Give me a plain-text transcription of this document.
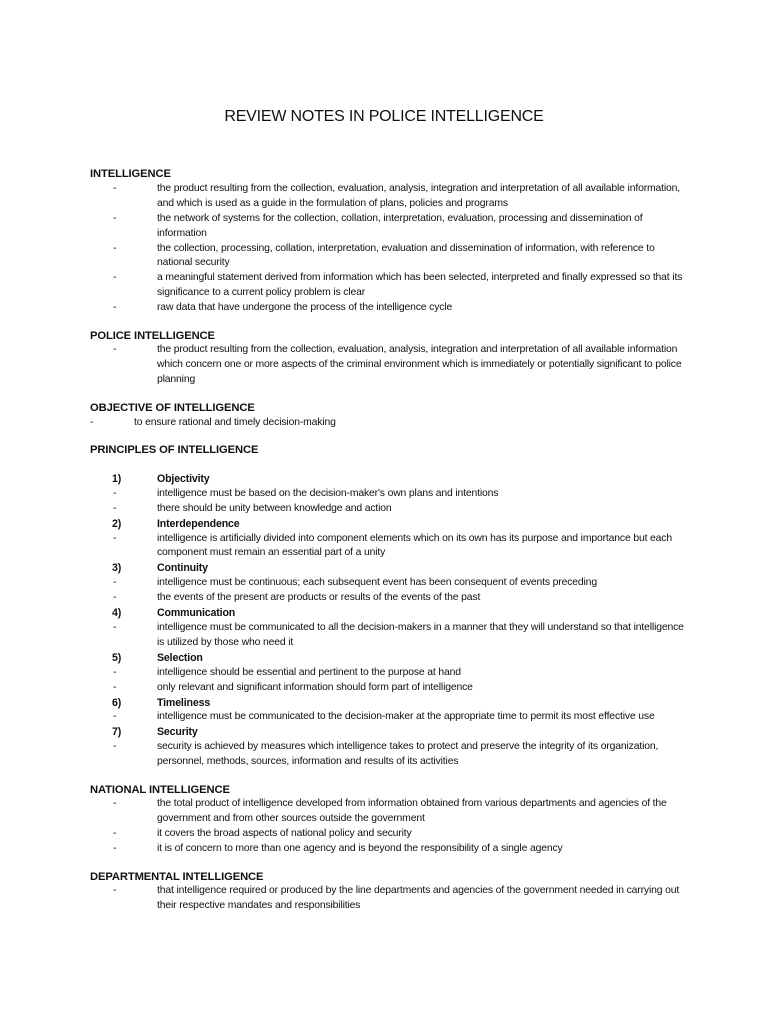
REVIEW NOTES IN POLICE INTELLIGENCE
INTELLIGENCE
-	the product resulting from the collection, evaluation, analysis, integration and interpretation of all available information, and which is used as a guide in the formulation of plans, policies and programs
-	the network of systems for the collection, collation, interpretation, evaluation, processing and dissemination of information
-	the collection, processing, collation, interpretation, evaluation and dissemination of information, with reference to national security
-	a meaningful statement derived from information which has been selected, interpreted and finally expressed so that its significance to a current policy problem is clear
-	raw data that have undergone the process of the intelligence cycle
POLICE INTELLIGENCE
-	the product resulting from the collection, evaluation, analysis, integration and interpretation of all available information which concern one or more aspects of the criminal environment which is immediately or potentially significant to police planning
OBJECTIVE OF INTELLIGENCE
-	to ensure rational and timely decision-making
PRINCIPLES OF INTELLIGENCE
1)	Objectivity
-	intelligence must be based on the decision-maker's own plans and intentions
-	there should be unity between knowledge and action
2)	Interdependence
-	intelligence is artificially divided into component elements which on its own has its purpose and importance but each component must remain an essential part of a unity
3)	Continuity
-	intelligence must be continuous; each subsequent event has been consequent of events preceding
-	the events of the present are products or results of the events of the past
4)	Communication
-	intelligence must be communicated to all the decision-makers in a manner that they will understand so that intelligence is utilized by those who need it
5)	Selection
-	intelligence should be essential and pertinent to the purpose at hand
-	only relevant and significant information should form part of intelligence
6)	Timeliness
-	intelligence must be communicated to the decision-maker at the appropriate time to permit its most effective use
7)	Security
-	security is achieved by measures which intelligence takes to protect and preserve the integrity of its organization, personnel, methods, sources, information and results of its activities
NATIONAL INTELLIGENCE
-	the total product of intelligence developed from information obtained from various departments and agencies of the government and from other sources outside the government
-	it covers the broad aspects of national policy and security
-	it is of concern to more than one agency and is beyond the responsibility of a single agency
DEPARTMENTAL INTELLIGENCE
-	that intelligence required or produced by the line departments and agencies of the government needed in carrying out their respective mandates and responsibilities
